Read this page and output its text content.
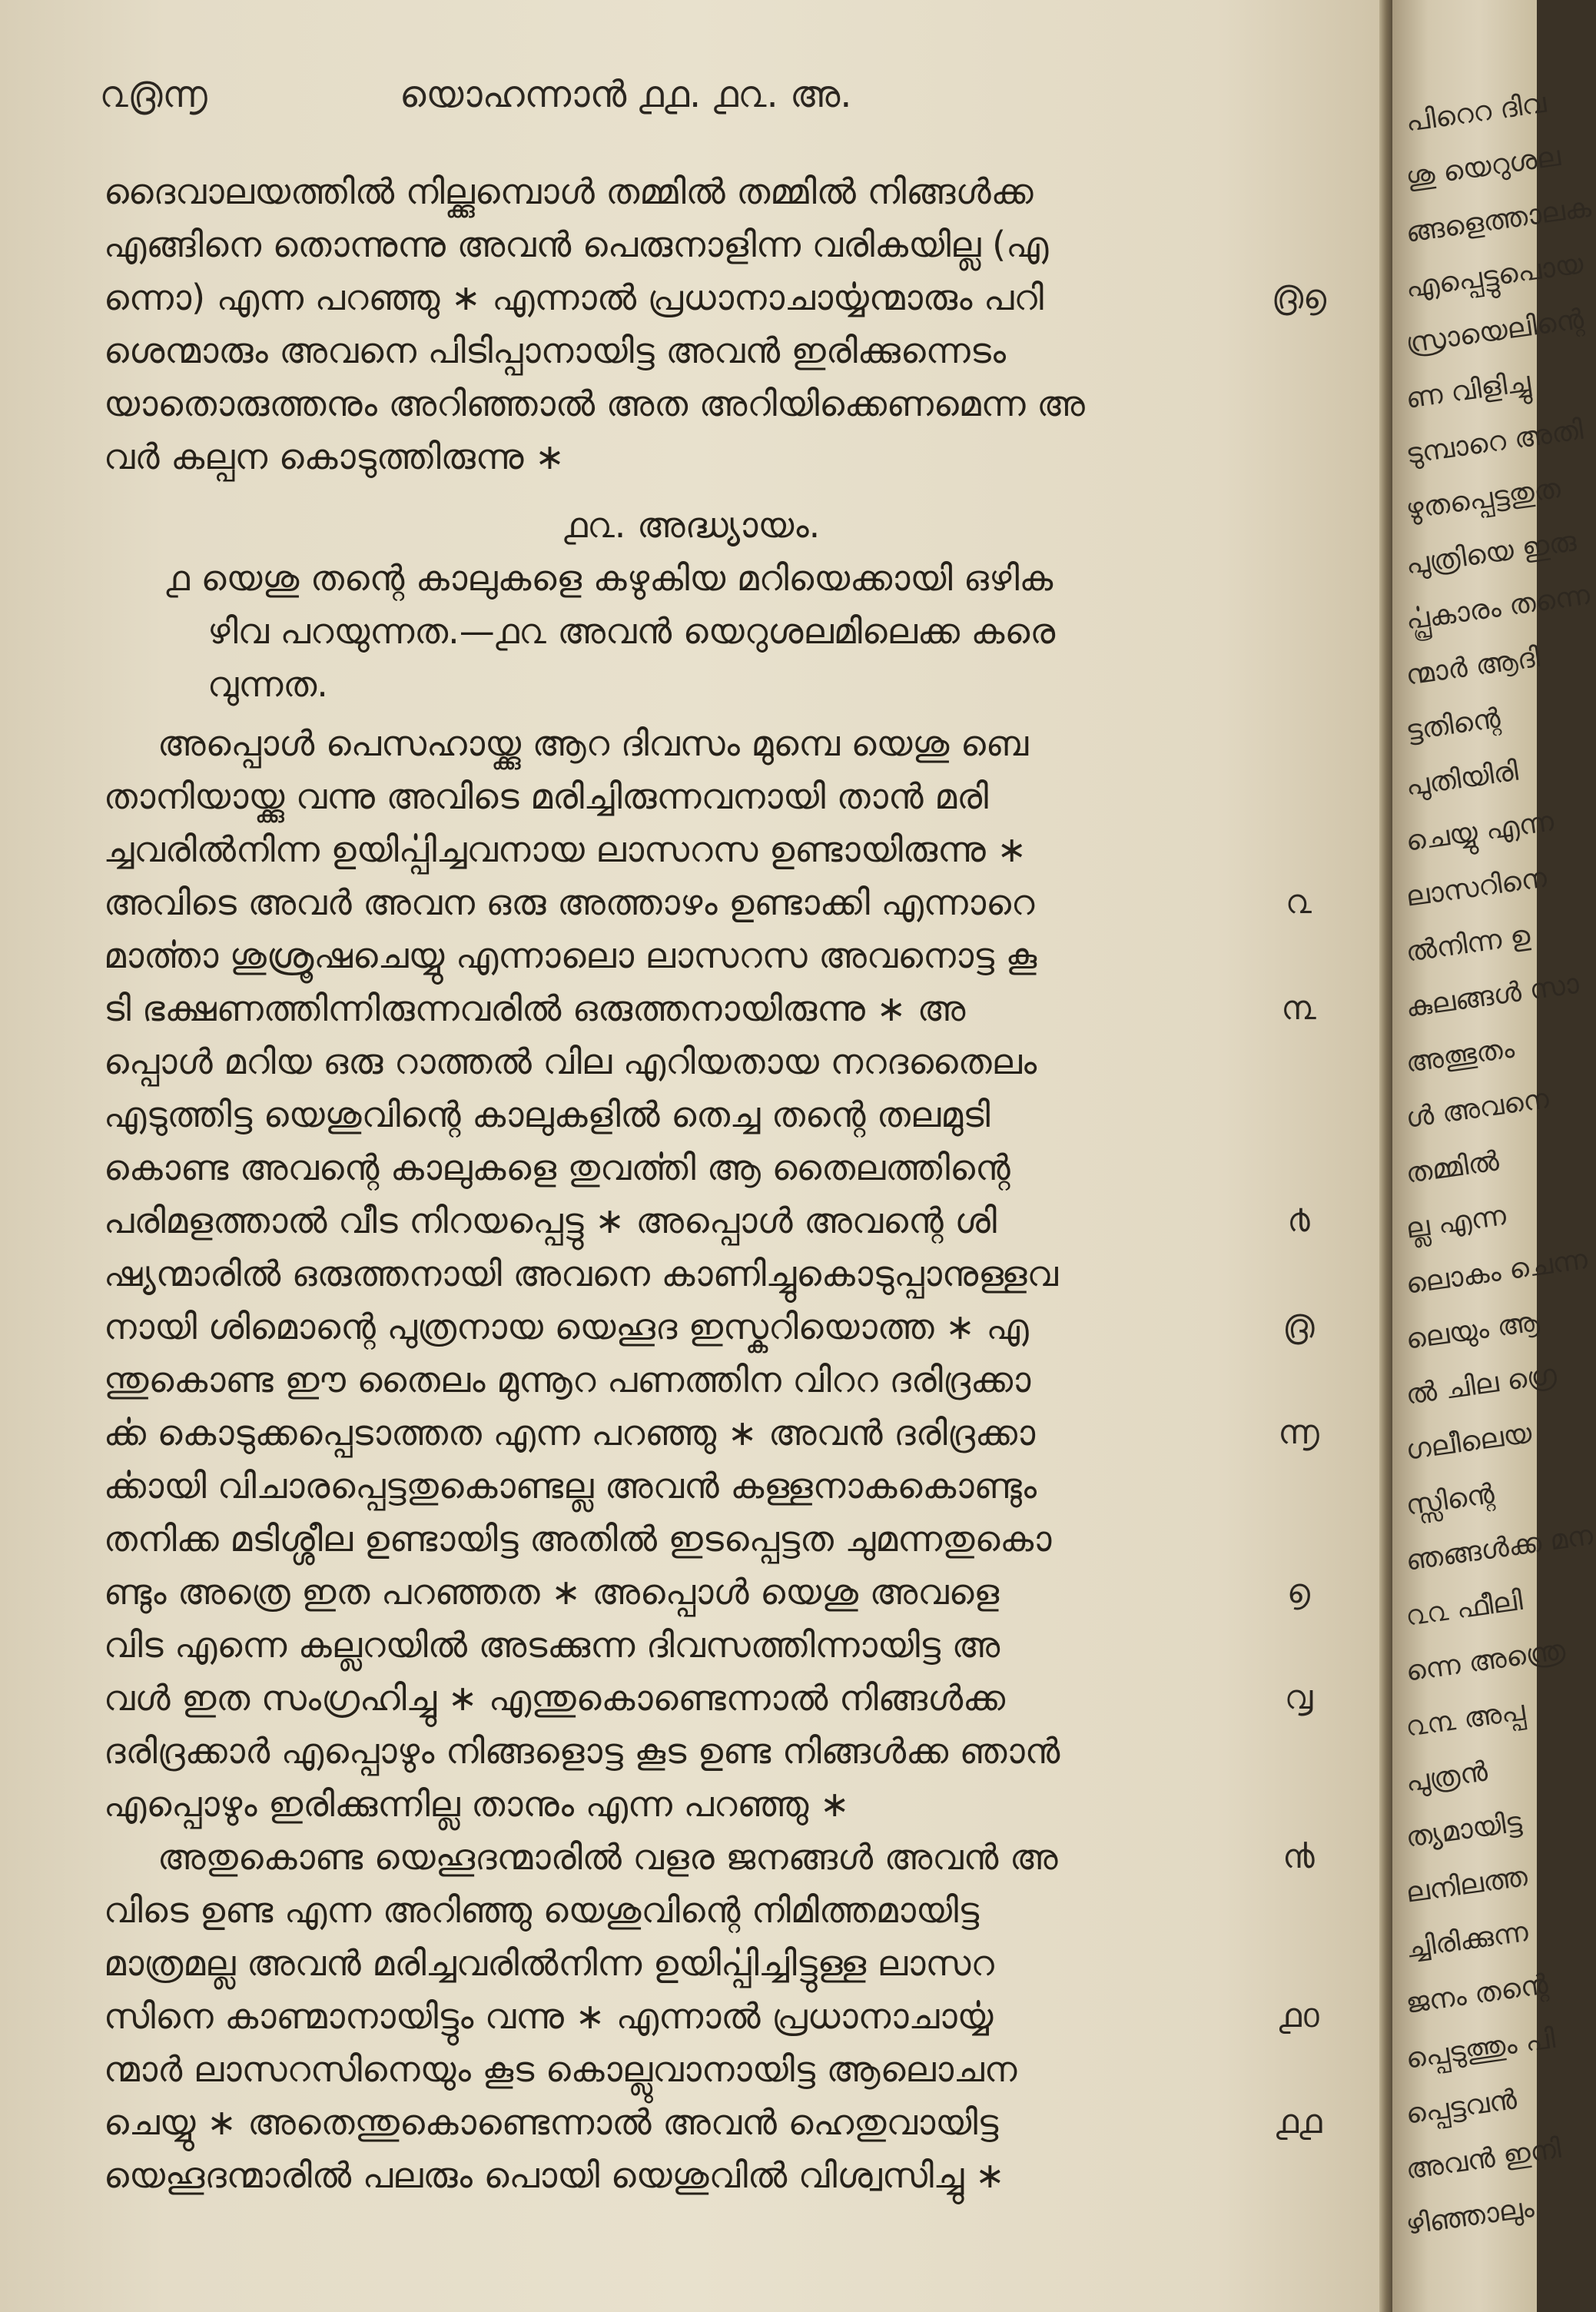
൨൫൬	യൊഹന്നാൻ ൧൧. ൧൨. അ.
ദൈവാലയത്തിൽ നില്ക്കുമ്പൊൾ തമ്മിൽ തമ്മിൽ നിങ്ങൾക്ക
എങ്ങിനെ തൊന്നുന്നു അവൻ പെരുനാളിന്ന വരികയില്ല (എ
ന്നൊ) എന്ന പറഞ്ഞു ∗ എന്നാൽ പ്രധാനാചാൎയ്യന്മാരും പറി	൫൭
ശെന്മാരും അവനെ പിടിപ്പാനായിട്ട അവൻ ഇരിക്കുന്നെടം
യാതൊരുത്തനും അറിഞ്ഞാൽ അത അറിയിക്കെണമെന്ന അ
വർ കല്പന കൊടുത്തിരുന്നു ∗
൧൨. അദ്ധ്യായം.
൧ യെശു തന്റെ കാലുകളെ കഴുകിയ മറിയെക്കായി ഒഴിക
ഴിവ പറയുന്നത.—൧൨ അവൻ യെറുശലമിലെക്ക കരെ
വുന്നത.
അപ്പൊൾ പെസഹായ്ക്കു ആറ ദിവസം മുമ്പെ യെശു ബെ
താനിയായ്ക്കു വന്നു അവിടെ മരിച്ചിരുന്നവനായി താൻ മരി
ച്ചവരിൽനിന്ന ഉയിൎപ്പിച്ചവനായ ലാസറസ ഉണ്ടായിരുന്നു ∗
അവിടെ അവർ അവന ഒരു അത്താഴം ഉണ്ടാക്കി എന്നാറെ	൨
മാൎത്താ ശുശ്രൂഷചെയ്യു എന്നാലൊ ലാസറസ അവനൊട്ട കൂ
ടി ഭക്ഷണത്തിന്നിരുന്നവരിൽ ഒരുത്തനായിരുന്നു ∗ അ	൩
പ്പൊൾ മറിയ ഒരു റാത്തൽ വില എറിയതായ നറദതൈലം
എടുത്തിട്ട യെശുവിന്റെ കാലുകളിൽ തെച്ച തന്റെ തലമുടി
കൊണ്ട അവന്റെ കാലുകളെ തുവൎത്തി ആ തൈലത്തിന്റെ
പരിമളത്താൽ വീട നിറയപ്പെട്ടു ∗ അപ്പൊൾ അവന്റെ ശി	൪
ഷ്യന്മാരിൽ ഒരുത്തനായി അവനെ കാണിച്ചുകൊടുപ്പാനുള്ളവ
നായി ശിമൊന്റെ പുത്രനായ യെഹൂദ ഇസ്കറിയൊത്ത ∗ എ	൫
ന്തുകൊണ്ട ഈ തൈലം മുന്നൂറ പണത്തിന വിററ ദരിദ്രക്കാ
ൎക്ക കൊടുക്കപ്പെടാത്തത എന്ന പറഞ്ഞു ∗ അവൻ ദരിദ്രക്കാ	൬
ൎക്കായി വിചാരപ്പെട്ടതുകൊണ്ടല്ല അവൻ കള്ളനാകകൊണ്ടും
തനിക്ക മടിശ്ശീല ഉണ്ടായിട്ട അതിൽ ഇടപ്പെട്ടത ചുമന്നതുകൊ
ണ്ടും അത്രെ ഇത പറഞ്ഞത ∗ അപ്പൊൾ യെശു അവളെ	൭
വിട എന്നെ കല്ലറയിൽ അടക്കുന്ന ദിവസത്തിന്നായിട്ട അ
വൾ ഇത സംഗ്രഹിച്ചു ∗ എന്തുകൊണ്ടെന്നാൽ നിങ്ങൾക്ക	൮
ദരിദ്രക്കാർ എപ്പൊഴും നിങ്ങളൊട്ട കൂട ഉണ്ട നിങ്ങൾക്ക ഞാൻ
എപ്പൊഴും ഇരിക്കുന്നില്ല താനും എന്ന പറഞ്ഞു ∗
അതുകൊണ്ട യെഹൂദന്മാരിൽ വളര ജനങ്ങൾ അവൻ അ	൯
വിടെ ഉണ്ട എന്ന അറിഞ്ഞു യെശുവിന്റെ നിമിത്തമായിട്ട
മാത്രമല്ല അവൻ മരിച്ചവരിൽനിന്ന ഉയിൎപ്പിച്ചിട്ടുള്ള ലാസറ
സിനെ കാണ്മാനായിട്ടും വന്നു ∗ എന്നാൽ പ്രധാനാചാൎയ്യ	൧൦
ന്മാർ ലാസറസിനെയും കൂട കൊല്ലുവാനായിട്ട ആലൊചന
ചെയ്യു ∗ അതെന്തുകൊണ്ടെന്നാൽ അവൻ ഹെതുവായിട്ട	൧൧
യെഹൂദന്മാരിൽ പലരും പൊയി യെശുവിൽ വിശ്വസിച്ചു ∗
പിറെറ ദിവ
ശു യെറുശല
ങ്ങളെത്താലക
എപ്പെട്ടുപൊയ
സ്രായെലിന്റെ
ണ വിളിച്ചു
ടുമ്പാറെ അതി
ഴുതപ്പെട്ടതുത
പുത്രിയെ ഇരു
ൎപ്പ്രകാരം തന്നെ
ന്മാർ ആദി
ട്ടതിന്റെ
പുതിയിരി
ചെയ്യു എന്ന
ലാസറിനെ
ൽനിന്ന ഉ
കുലങ്ങൾ സാ
അത്ഭുതം
ൾ അവനെ
തമ്മിൽ
ല്ല എന്ന
ലൊകം ചെന്ന
ലെയും ആ
ൽ ചില ഗ്രെ
ഗലീലെയ
സ്സിന്റെ
ഞങ്ങൾക്ക മന
൨൨ ഫീലി
ന്നെ അന്ത്രെ
൨൩ അപ്പ
പുത്രൻ
ത്യമായിട്ട
ലനിലത്ത
ച്ചിരിക്കുന്ന
ജനം തന്റെ
പ്പെടുത്തും പി
പ്പെട്ടവൻ
അവൻ ഇനി
ഴിഞ്ഞാലും
